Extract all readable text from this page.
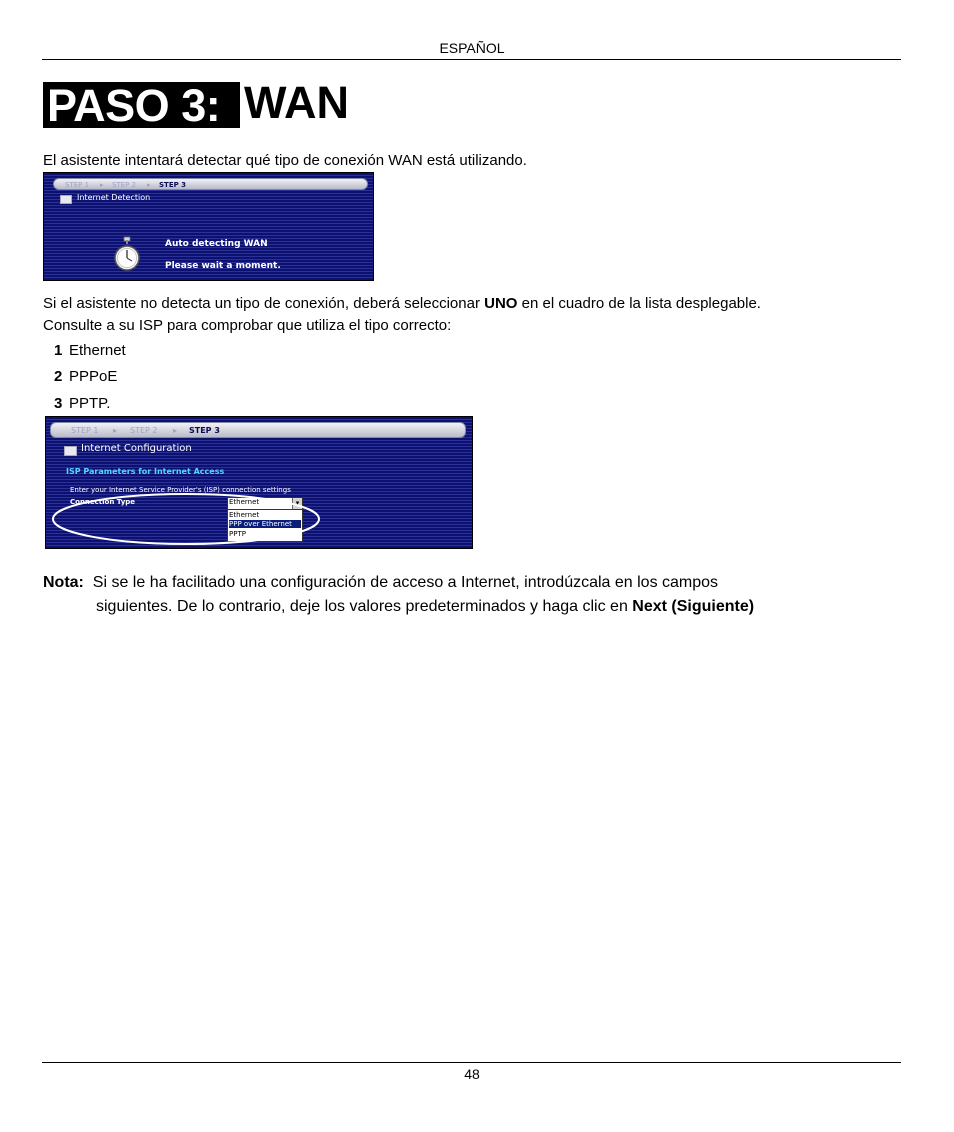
ESPAÑOL
PASO 3: WAN
El asistente intentará detectar qué tipo de conexión WAN está utilizando.
STEP 1 ▸ STEP 2 ▸ STEP 3
Internet Detection
Auto detecting WAN
Please wait a moment.
Si el asistente no detecta un tipo de conexión, deberá seleccionar UNO en el cuadro de la lista desplegable.
Consulte a su ISP para comprobar que utiliza el tipo correcto:
1 Ethernet
2 PPPoE
3 PPTP.
STEP 1 ▸ STEP 2 ▸ STEP 3
Internet Configuration
ISP Parameters for Internet Access
Enter your Internet Service Provider's (ISP) connection settings
Connection Type	Ethernet	▾
Ethernet
PPP over Ethernet
PPTP
Nota: Si se le ha facilitado una configuración de acceso a Internet, introdúzcala en los campos
siguientes. De lo contrario, deje los valores predeterminados y haga clic en Next (Siguiente)
48
